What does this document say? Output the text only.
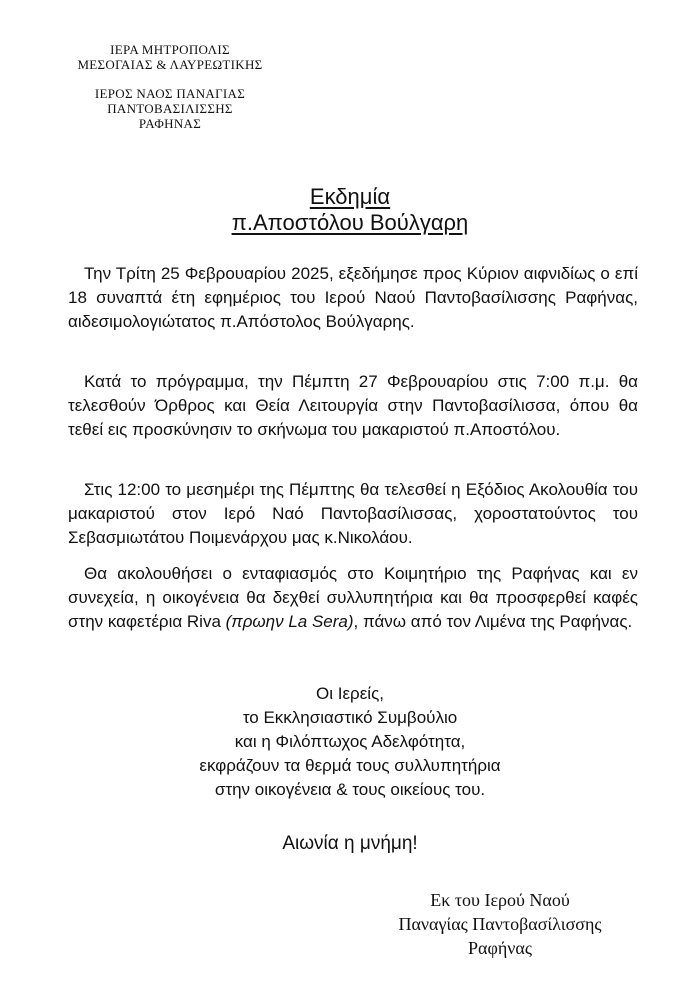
ΙΕΡΑ ΜΗΤΡΟΠΟΛΙΣ
ΜΕΣΟΓΑΙΑΣ & ΛΑΥΡΕΩΤΙΚΗΣ
ΙΕΡΟΣ ΝΑΟΣ ΠΑΝΑΓΙΑΣ
ΠΑΝΤΟΒΑΣΙΛΙΣΣΗΣ
ΡΑΦΗΝΑΣ
Εκδημία
π.Αποστόλου Βούλγαρη

Την Τρίτη 25 Φεβρουαρίου 2025, εξεδήμησε προς Κύριον αιφνιδίως ο επί 18 συναπτά έτη εφημέριος του Ιερού Ναού Παντοβασίλισσης Ραφήνας, αιδεσιμολογιώτατος π.Απόστολος Βούλγαρης.

Κατά το πρόγραμμα, την Πέμπτη 27 Φεβρουαρίου στις 7:00 π.μ. θα τελεσθούν Όρθρος και Θεία Λειτουργία στην Παντοβασίλισσα, όπου θα τεθεί εις προσκύνησιν το σκήνωμα του μακαριστού π.Αποστόλου.

Στις 12:00 το μεσημέρι της Πέμπτης θα τελεσθεί η Εξόδιος Ακολουθία του μακαριστού στον Ιερό Ναό Παντοβασίλισσας, χοροστατούντος του Σεβασμιωτάτου Ποιμενάρχου μας κ.Νικολάου.

Θα ακολουθήσει ο ενταφιασμός στο Κοιμητήριο της Ραφήνας και εν συνεχεία, η οικογένεια θα δεχθεί συλλυπητήρια και θα προσφερθεί καφές στην καφετέρια Riva (πρωην La Sera), πάνω από τον Λιμένα της Ραφήνας.

Οι Ιερείς,
το Εκκλησιαστικό Συμβούλιο
και η Φιλόπτωχος Αδελφότητα,
εκφράζουν τα θερμά τους συλλυπητήρια
στην οικογένεια & τους οικείους του.
Αιωνία η μνήμη!
Εκ του Ιερού Ναού
Παναγίας Παντοβασίλισσης
Ραφήνας
